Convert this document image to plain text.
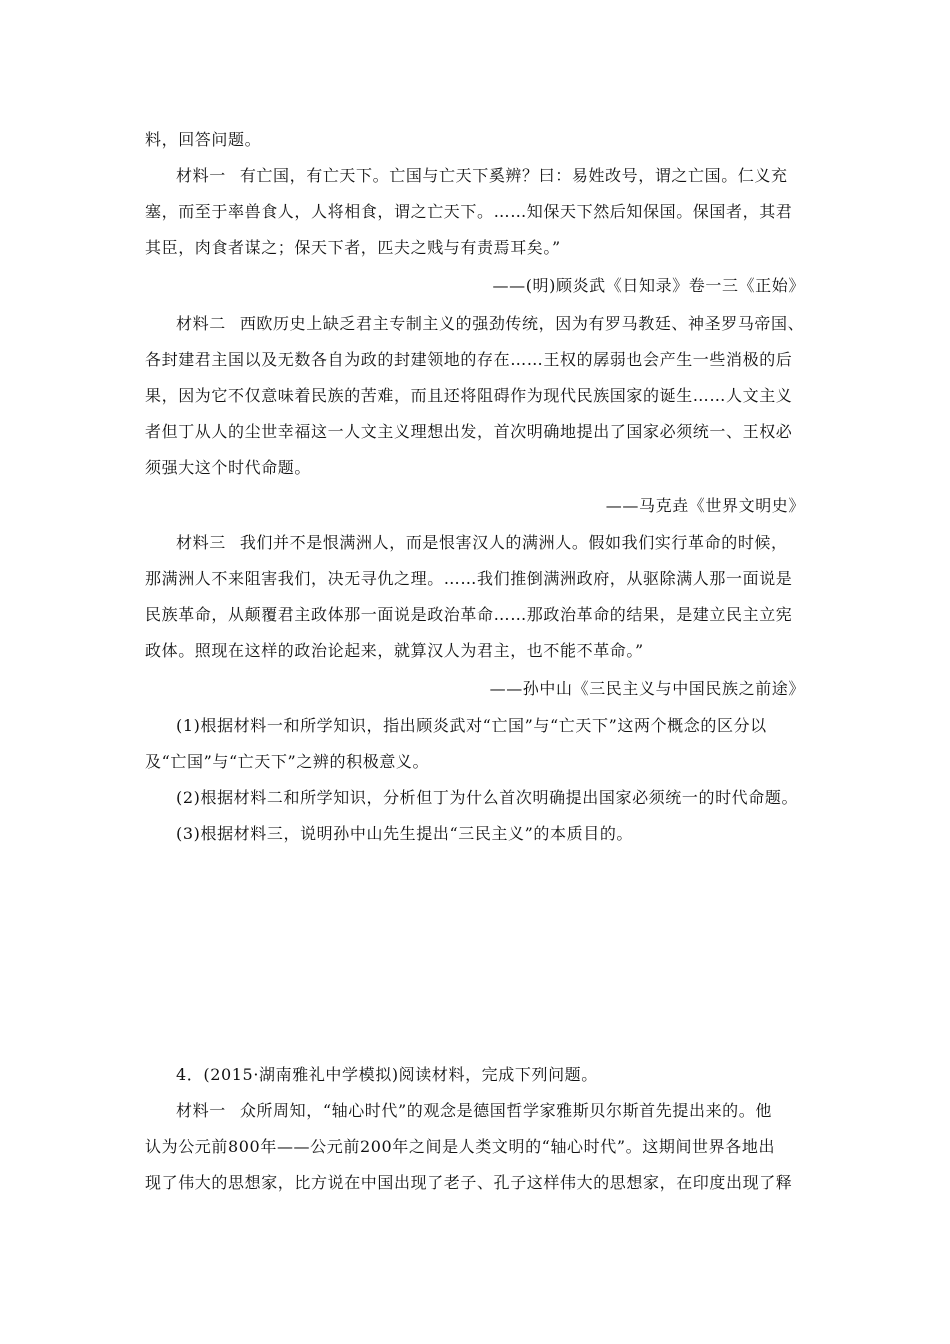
料，回答问题。
材料一 有亡国，有亡天下。亡国与亡天下奚辨？曰：易姓改号，谓之亡国。仁义充
塞，而至于率兽食人，人将相食，谓之亡天下。……知保天下然后知保国。保国者，其君
其臣，肉食者谋之；保天下者，匹夫之贱与有责焉耳矣。”
——(明)顾炎武《日知录》卷一三《正始》
材料二 西欧历史上缺乏君主专制主义的强劲传统，因为有罗马教廷、神圣罗马帝国、
各封建君主国以及无数各自为政的封建领地的存在……王权的孱弱也会产生一些消极的后
果，因为它不仅意味着民族的苦难，而且还将阻碍作为现代民族国家的诞生……人文主义
者但丁从人的尘世幸福这一人文主义理想出发，首次明确地提出了国家必须统一、王权必
须强大这个时代命题。
——马克垚《世界文明史》
材料三 我们并不是恨满洲人，而是恨害汉人的满洲人。假如我们实行革命的时候，
那满洲人不来阻害我们，决无寻仇之理。……我们推倒满洲政府，从驱除满人那一面说是
民族革命，从颠覆君主政体那一面说是政治革命……那政治革命的结果，是建立民主立宪
政体。照现在这样的政治论起来，就算汉人为君主，也不能不革命。”
——孙中山《三民主义与中国民族之前途》
(1)根据材料一和所学知识，指出顾炎武对“亡国”与“亡天下”这两个概念的区分以
及“亡国”与“亡天下”之辨的积极意义。
(2)根据材料二和所学知识，分析但丁为什么首次明确提出国家必须统一的时代命题。
(3)根据材料三，说明孙中山先生提出“三民主义”的本质目的。
4．(2015·湖南雅礼中学模拟)阅读材料，完成下列问题。
材料一 众所周知，“轴心时代”的观念是德国哲学家雅斯贝尔斯首先提出来的。他
认为公元前800年——公元前200年之间是人类文明的“轴心时代”。这期间世界各地出
现了伟大的思想家，比方说在中国出现了老子、孔子这样伟大的思想家，在印度出现了释
